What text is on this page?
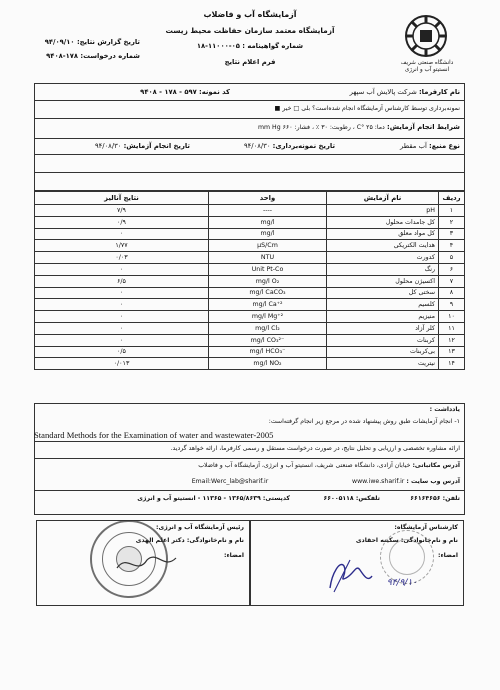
آزمایشگاه آب و فاضلاب
آزمایشگاه معتمد سازمان حفاظت محیط زیست
شماره گواهینامه : ۰۵-۱۱۰۰۰-۱۸
فرم اعلام نتایج
تاریخ گزارش نتایج: ۹۴/۰۹/۱۰
شماره درخواست: ۱۷۸-۹۴۰۸
دانشگاه صنعتی شریف
انستیتو آب و انرژی
نام کارفرما: شرکت پالایش آب سپهر
کد نمونه: ۵۹۷ - ۱۷۸ - ۹۴۰۸
نمونه‌برداری توسط کارشناس آزمایشگاه انجام شده‌است؟ بلی □ خیر ■
شرایط انجام آزمایش: دما: ۲۵ °C ، رطوبت: ۳۰ ٪ ، فشار: ۶۶۰ mm Hg
نوع منبع: آب مقطر
تاریخ نمونه‌برداری: ۹۴/۰۸/۳۰
تاریخ انجام آزمایش: ۹۴/۰۸/۳۰
ردیف	نام آزمایش	واحد	نتایج آنالیز
۱	pH	----	۷/۹
۲	کل جامدات محلول	mg/l	۰/۹
۳	کل مواد معلق	mg/l	۰
۴	هدایت الکتریکی	µS/Cm	۱/۷۷
۵	کدورت	NTU	۰/۰۳
۶	رنگ	Unit Pt-Co	۰
۷	اکسیژن محلول	mg/l O₂	۶/۵
۸	سختی کل	mg/l CaCO₃	۰
۹	کلسیم	mg/l Ca⁺²	۰
۱۰	منیزیم	mg/l Mg⁺²	۰
۱۱	کلر آزاد	mg/l Cl₂	۰
۱۲	کربنات	mg/l CO₃²⁻	۰
۱۳	بی‌کربنات	mg/l HCO₃⁻	۰/۵
۱۴	نیتریت	mg/l NO₂	۰/۰۱۳
یادداشت :
۱- انجام آزمایشات طبق روش پیشنهاد شده در مرجع زیر انجام گرفته‌است:
Standard Methods for the Examination of water and wastewater-2005
ارائه مشاوره تخصصی و ارزیابی و تحلیل نتایج، در صورت درخواست مستقل و رسمی کارفرما، ارائه خواهد گردید.
آدرس مکاتباتی: خیابان آزادی، دانشگاه صنعتی شریف، انستیتو آب و انرژی، آزمایشگاه آب و فاضلاب
Email:Werc_lab@sharif.ir	آدرس وب سایت : www.iwe.sharif.ir
تلفن: ۶۶۱۶۴۶۵۶
تلفکس: ۶۶۰۰۵۱۱۸
کدپستی: ۱۳۶۵/۸۶۳۹ - ۱۱۳۶۵ - انستیتو آب و انرژی
کارشناس آزمایشگاه:
نام و نام‌خانوادگی: سکینه احقادی
امضاء:
رئیس آزمایشگاه آب و انرژی:
نام و نام‌خانوادگی: دکتر اعلم الهدی
امضاء:
۹۴/۹/۱۰
